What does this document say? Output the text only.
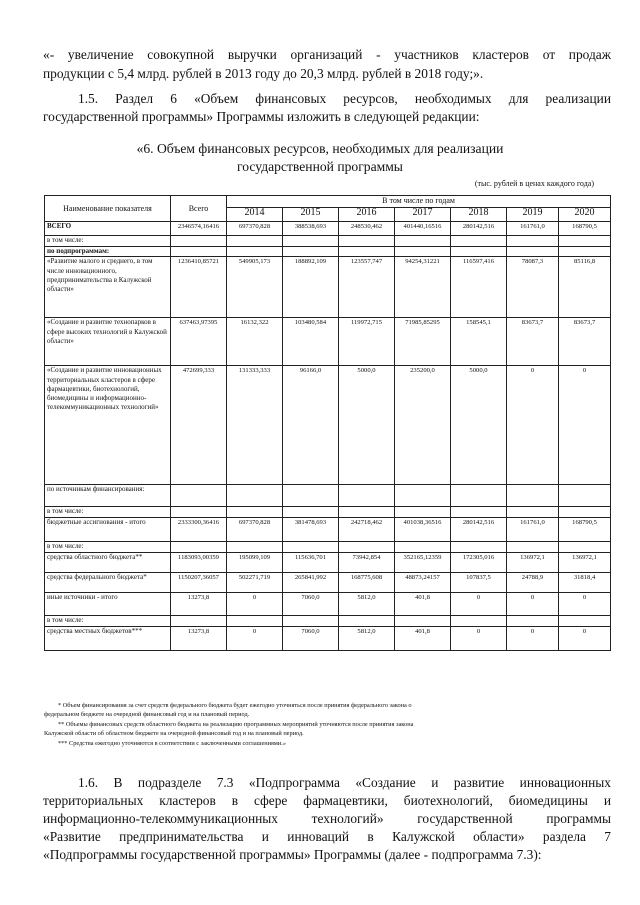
«- увеличение совокупной выручки организаций - участников кластеров от продаж
продукции с 5,4 млрд. рублей в 2013 году до 20,3 млрд. рублей в 2018 году;».
1.5. Раздел 6 «Объем финансовых ресурсов, необходимых для реализации
государственной программы» Программы изложить в следующей редакции:
«6. Объем финансовых ресурсов, необходимых для реализации
государственной программы
(тыс. рублей в ценах каждого года)
Наименование показателя	Всего	В том числе по годам						
		2014	2015	2016	2017	2018	2019	2020
ВСЕГО	2346574,16416	697370,828	388538,693	248530,462	401440,16516	280142,516	161761,0	168790,5
в том числе:								
по подпрограммам:								
«Развитие малого и среднего, в том числе инновационного, предпринимательства в Калужской области»	1236410,85721	549905,173	188892,109	123557,747	94254,31221	116597,416	78087,3	85116,8
«Создание и развитие технопарков в сфере высоких технологий в Калужской области»	637463,97395	16132,322	103480,584	119972,715	71985,85295	158545,1	83673,7	83673,7
«Создание и развитие инновационных территориальных кластеров в сфере фармацевтики, биотехнологий, биомедицины и информационно-телекоммуникационных технологий»	472699,333	131333,333	96166,0	5000,0	235200,0	5000,0	0	0
по источникам финансирования:								
в том числе:								
бюджетные ассигнования - итого	2333300,36416	697370,828	381478,693	242718,462	401038,36516	280142,516	161761,0	168790,5
в том числе:								
средства областного бюджета**	1183093,00359	195099,109	115636,701	73942,854	352165,12359	172305,016	136972,1	136972,1
средства федерального бюджета*	1150207,36057	502271,719	265841,992	168775,608	48873,24157	107837,5	24788,9	31818,4
иные источники - итого	13273,8	0	7060,0	5812,0	401,8	0	0	0
в том числе:								
средства местных бюджетов***	13273,8	0	7060,0	5812,0	401,8	0	0	0
* Объем финансирования за счет средств федерального бюджета будет ежегодно уточняться после принятия федерального закона о
федеральном бюджете на очередной финансовый год и на плановый период.
** Объемы финансовых средств областного бюджета на реализацию программных мероприятий уточняются после принятия закона
Калужской области об областном бюджете на очередной финансовый год и на плановый период.
*** Средства ежегодно уточняются в соответствии с заключенными соглашениями.»
1.6. В подразделе 7.3 «Подпрограмма «Создание и развитие инновационных
территориальных кластеров в сфере фармацевтики, биотехнологий, биомедицины и
информационно-телекоммуникационных технологий» государственной программы
«Развитие предпринимательства и инноваций в Калужской области» раздела 7
«Подпрограммы государственной программы» Программы (далее - подпрограмма 7.3):
